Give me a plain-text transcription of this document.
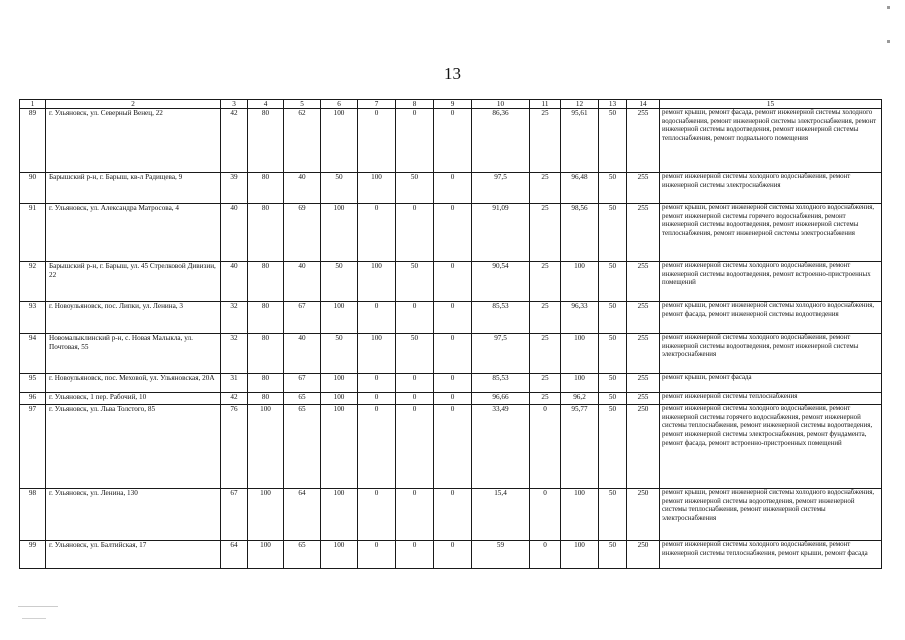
13
1	2	3	4	5	6	7	8	9	10	11	12	13	14	15
89	г. Ульяновск, ул. Северный Венец, 22	42	80	62	100	0	0	0	86,36	25	95,61	50	255	ремонт крыши, ремонт фасада, ремонт инженерной системы холодного водоснабжения, ремонт инженерной системы электроснабжения, ремонт инженерной системы водоотведения, ремонт инженерной системы теплоснабжения, ремонт подвального помещения
90	Барышский р-н, г. Барыш, кв-л Радищева, 9	39	80	40	50	100	50	0	97,5	25	96,48	50	255	ремонт инженерной системы холодного водоснабжения, ремонт инженерной системы электроснабжения
91	г. Ульяновск, ул. Александра Матросова, 4	40	80	69	100	0	0	0	91,09	25	98,56	50	255	ремонт крыши, ремонт инженерной системы холодного водоснабжения, ремонт инженерной системы горячего водоснабжения, ремонт инженерной системы водоотведения, ремонт инженерной системы теплоснабжения, ремонт инженерной системы электроснабжения
92	Барышский р-н, г. Барыш, ул. 45 Стрелковой Дивизии, 22	40	80	40	50	100	50	0	90,54	25	100	50	255	ремонт инженерной системы холодного водоснабжения, ремонт инженерной системы водоотведения, ремонт встроенно-пристроенных помещений
93	г. Новоульяновск, пос. Липки, ул. Ленина, 3	32	80	67	100	0	0	0	85,53	25	96,33	50	255	ремонт крыши, ремонт инженерной системы холодного водоснабжения, ремонт фасада, ремонт инженерной системы водоотведения
94	Новомалыклинский р-н, с. Новая Малыкла, ул. Почтовая, 55	32	80	40	50	100	50	0	97,5	25	100	50	255	ремонт инженерной системы холодного водоснабжения, ремонт инженерной системы водоотведения, ремонт инженерной системы электроснабжения
95	г. Новоульяновск, пос. Меховой, ул. Ульяновская, 20А	31	80	67	100	0	0	0	85,53	25	100	50	255	ремонт крыши, ремонт фасада
96	г. Ульяновск, 1 пер. Рабочий, 10	42	80	65	100	0	0	0	96,66	25	96,2	50	255	ремонт инженерной системы теплоснабжения
97	г. Ульяновск, ул. Льва Толстого, 85	76	100	65	100	0	0	0	33,49	0	95,77	50	250	ремонт инженерной системы холодного водоснабжения, ремонт инженерной системы горячего водоснабжения, ремонт инженерной системы теплоснабжения, ремонт инженерной системы водоотведения, ремонт инженерной системы электроснабжения, ремонт фундамента, ремонт фасада, ремонт встроенно-пристроенных помещений
98	г. Ульяновск, ул. Ленина, 130	67	100	64	100	0	0	0	15,4	0	100	50	250	ремонт крыши, ремонт инженерной системы холодного водоснабжения, ремонт инженерной системы водоотведения, ремонт инженерной системы теплоснабжения, ремонт инженерной системы электроснабжения
99	г. Ульяновск, ул. Балтийская, 17	64	100	65	100	0	0	0	59	0	100	50	250	ремонт инженерной системы холодного водоснабжения, ремонт инженерной системы теплоснабжения, ремонт крыши, ремонт фасада
